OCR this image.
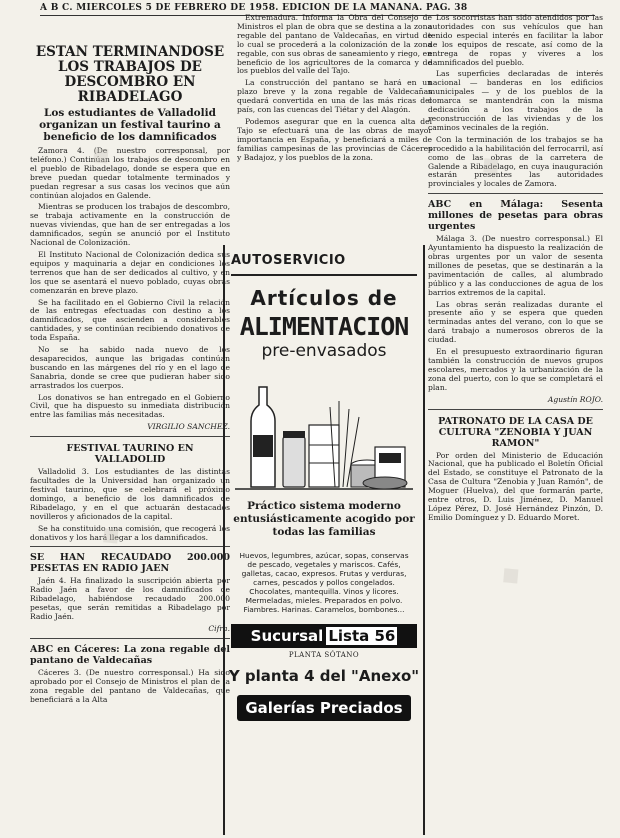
A B C. MIERCOLES 5 DE FEBRERO DE 1958. EDICION DE LA MAÑANA. PAG. 38
ESTAN TERMINANDOSE LOS TRABAJOS DE DESCOMBRO EN RIBADELAGO
Los estudiantes de Valladolid organizan un festival taurino a beneficio de los damnificados

Zamora 4. (De nuestro corresponsal, por teléfono.) Continúan los trabajos de descombro en el pueblo de Ribadelago, donde se espera que en breve puedan quedar totalmente terminados y puedan regresar a sus casas los vecinos que aún continúan alojados en Galende.

Mientras se producen los trabajos de descombro, se trabaja activamente en la construcción de nuevas viviendas, que han de ser entregadas a los damnificados, según se anunció por el Instituto Nacional de Colonización.

El Instituto Nacional de Colonización dedica sus equipos y maquinaria a dejar en condiciones los terrenos que han de ser dedicados al cultivo, y en los que se asentará el nuevo poblado, cuyas obras comenzarán en breve plazo.

Se ha facilitado en el Gobierno Civil la relación de las entregas efectuadas con destino a los damnificados, que ascienden a considerables cantidades, y se continúan recibiendo donativos de toda España.

No se ha sabido nada nuevo de los desaparecidos, aunque las brigadas continúan buscando en las márgenes del río y en el lago de Sanabria, donde se cree que pudieran haber sido arrastrados los cuerpos.

Los donativos se han entregado en el Gobierno Civil, que ha dispuesto su inmediata distribución entre las familias más necesitadas.

VIRGILIO SANCHEZ.
FESTIVAL TAURINO EN VALLADOLID

Valladolid 3. Los estudiantes de las distintas facultades de la Universidad han organizado un festival taurino, que se celebrará el próximo domingo, a beneficio de los damnificados de Ribadelago, y en el que actuarán destacados novilleros y aficionados de la capital.

Se ha constituido una comisión, que recogerá los donativos y los hará llegar a los damnificados.

SE HAN RECAUDADO 200.000 PESETAS EN RADIO JAEN

Jaén 4. Ha finalizado la suscripción abierta por Radio Jaén a favor de los damnificados de Ribadelago, habiéndose recaudado 200.000 pesetas, que serán remitidas a Ribadelago por Radio Jaén.

Cifra.
ABC en Cáceres: La zona regable del pantano de Valdecañas

Cáceres 3. (De nuestro corresponsal.) Ha sido aprobado por el Consejo de Ministros el plan de la zona regable del pantano de Valdecañas, que beneficiará a la Alta

Extremadura. Informa la Obra del Consejo de Ministros el plan de obra que se destina a la zona regable del pantano de Valdecañas, en virtud de lo cual se procederá a la colonización de la zona regable, con sus obras de saneamiento y riego, en beneficio de los agricultores de la comarca y de los pueblos del valle del Tajo.

La construcción del pantano se hará en un plazo breve y la zona regable de Valdecañas quedará convertida en una de las más ricas del país, con las cuencas del Tiétar y del Alagón.

Podemos asegurar que en la cuenca alta del Tajo se efectuará una de las obras de mayor importancia en España, y beneficiará a miles de familias campesinas de las provincias de Cáceres y Badajoz, y los pueblos de la zona.

AUTOSERVICIO
Artículos de
ALIMENTACION
pre-envasados
Práctico sistema moderno entusiásticamente acogido por todas las familias
Huevos, legumbres, azúcar, sopas, conservas de pescado, vegetales y mariscos. Cafés, galletas, cacao, expresos. Frutas y verduras, carnes, pescados y pollos congelados. Chocolates, mantequilla. Vinos y licores. Mermeladas, mieles. Preparados en polvo. Fiambres. Harinas. Caramelos, bombones...
Sucursal Lista 56
PLANTA SÓTANO
Y planta 4 del "Anexo"
Galerías Preciados

Los socorristas han sido atendidos por las autoridades con sus vehículos que han tenido especial interés en facilitar la labor de los equipos de rescate, así como de la entrega de ropas y víveres a los damnificados del pueblo.

Las superficies declaradas de interés nacional — banderas en los edificios municipales — y de los pueblos de la comarca se mantendrán con la misma dedicación a los trabajos de la reconstrucción de las viviendas y de los caminos vecinales de la región.

Con la terminación de los trabajos se ha procedido a la habilitación del ferrocarril, así como de las obras de la carretera de Galende a Ribadelago, en cuya inauguración estarán presentes las autoridades provinciales y locales de Zamora.

ABC en Málaga: Sesenta millones de pesetas para obras urgentes

Málaga 3. (De nuestro corresponsal.) El Ayuntamiento ha dispuesto la realización de obras urgentes por un valor de sesenta millones de pesetas, que se destinarán a la pavimentación de calles, al alumbrado público y a las conducciones de agua de los barrios extremos de la capital.

Las obras serán realizadas durante el presente año y se espera que queden terminadas antes del verano, con lo que se dará trabajo a numerosos obreros de la ciudad.

En el presupuesto extraordinario figuran también la construcción de nuevos grupos escolares, mercados y la urbanización de la zona del puerto, con lo que se completará el plan.

Agustín ROJO.
PATRONATO DE LA CASA DE CULTURA "ZENOBIA Y JUAN RAMON"

Por orden del Ministerio de Educación Nacional, que ha publicado el Boletín Oficial del Estado, se constituye el Patronato de la Casa de Cultura "Zenobia y Juan Ramón", de Moguer (Huelva), del que formarán parte, entre otros, D. Luis Jiménez, D. Manuel López Pérez, D. José Hernández Pinzón, D. Emilio Domínguez y D. Eduardo Moret.

◆	◆
◆
◆
